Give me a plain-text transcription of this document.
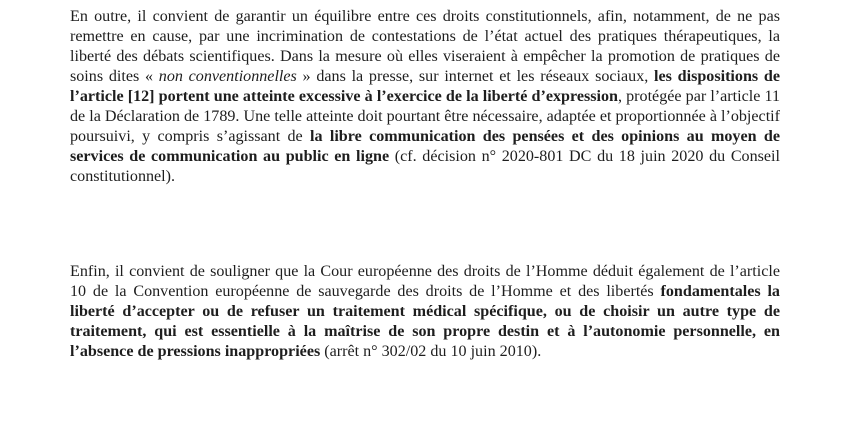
En outre, il convient de garantir un équilibre entre ces droits constitutionnels, afin, notamment, de ne pas remettre en cause, par une incrimination de contestations de l’état actuel des pratiques thérapeutiques, la liberté des débats scientifiques. Dans la mesure où elles viseraient à empêcher la promotion de pratiques de soins dites « non conventionnelles » dans la presse, sur internet et les réseaux sociaux, les dispositions de l’article [12] portent une atteinte excessive à l’exercice de la liberté d’expression, protégée par l’article 11 de la Déclaration de 1789. Une telle atteinte doit pourtant être nécessaire, adaptée et proportionnée à l’objectif poursuivi, y compris s’agissant de la libre communication des pensées et des opinions au moyen de services de communication au public en ligne (cf. décision n° 2020-801 DC du 18 juin 2020 du Conseil constitutionnel).

Enfin, il convient de souligner que la Cour européenne des droits de l’Homme déduit également de l’article 10 de la Convention européenne de sauvegarde des droits de l’Homme et des libertés fondamentales la liberté d’accepter ou de refuser un traitement médical spécifique, ou de choisir un autre type de traitement, qui est essentielle à la maîtrise de son propre destin et à l’autonomie personnelle, en l’absence de pressions inappropriées (arrêt n° 302/02 du 10 juin 2010).
